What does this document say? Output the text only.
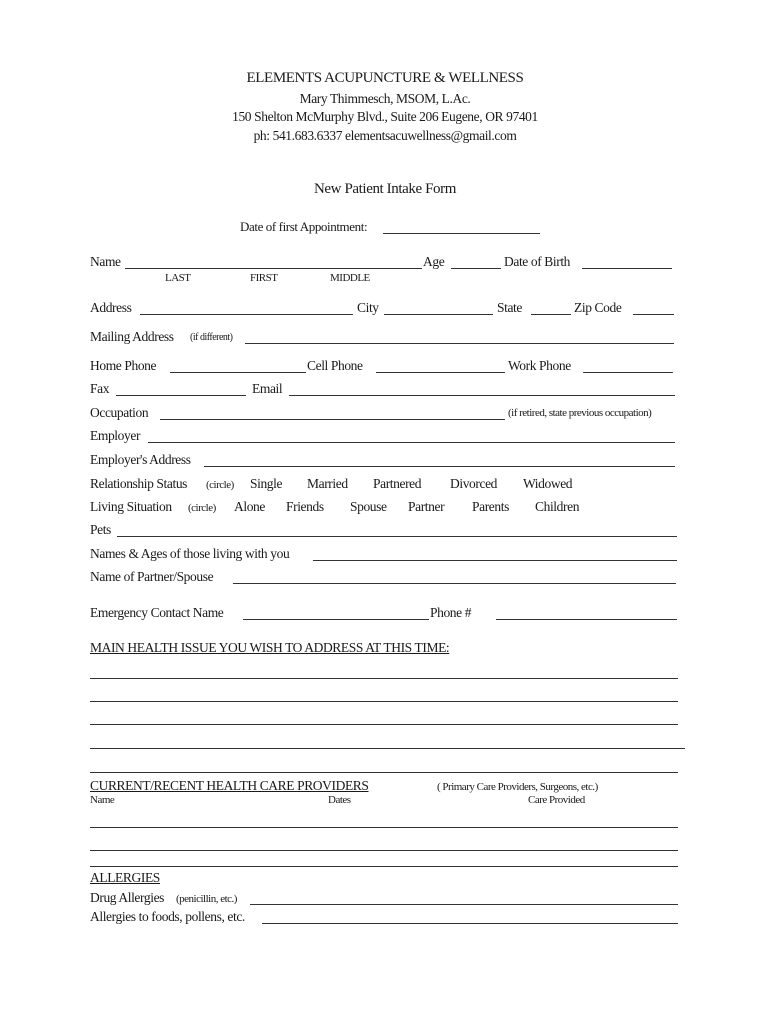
ELEMENTS ACUPUNCTURE & WELLNESS
Mary Thimmesch, MSOM, L.Ac.
150 Shelton McMurphy Blvd., Suite 206 Eugene, OR 97401
ph: 541.683.6337 elementsacuwellness@gmail.com
New Patient Intake Form
Date of first Appointment:
Name	Age	Date of Birth
LAST	FIRST	MIDDLE
Address	City	State	Zip Code
Mailing Address (if different)
Home Phone	Cell Phone	Work Phone
Fax	Email
Occupation	(if retired, state previous occupation)
Employer
Employer's Address
Relationship Status (circle) Single Married Partnered Divorced Widowed
Living Situation (circle) Alone Friends Spouse Partner Parents Children
Pets
Names & Ages of those living with you
Name of Partner/Spouse
Emergency Contact Name	Phone #
MAIN HEALTH ISSUE YOU WISH TO ADDRESS AT THIS TIME:
CURRENT/RECENT HEALTH CARE PROVIDERS	( Primary Care Providers, Surgeons, etc.)
Name	Dates	Care Provided
ALLERGIES
Drug Allergies (penicillin, etc.)
Allergies to foods, pollens, etc.
